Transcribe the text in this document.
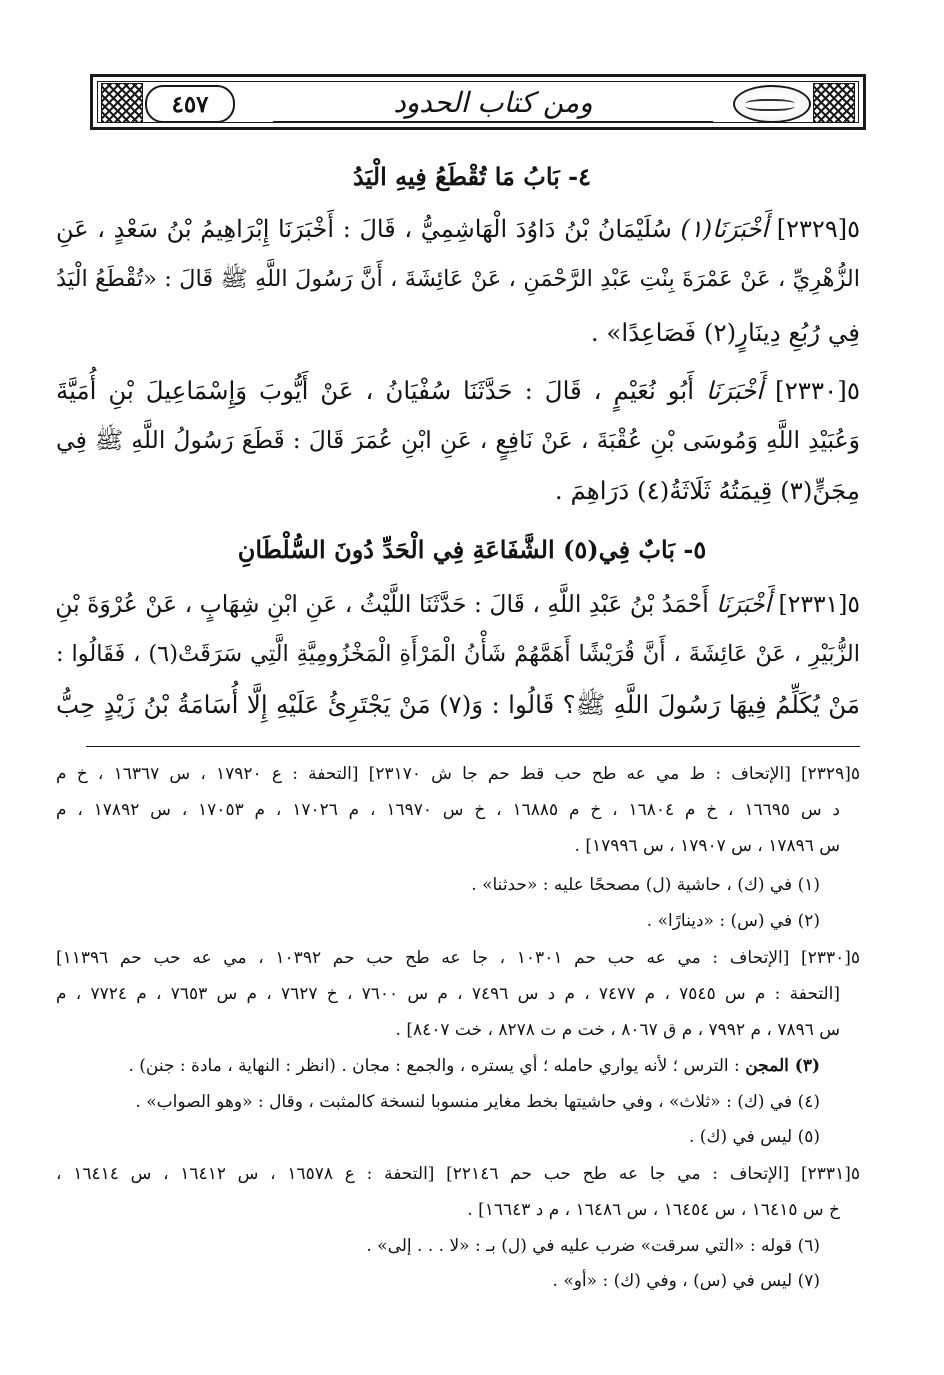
٤٥٧	ومن كتاب الحدود
٤- بَابُ مَا تُقْطَعُ فِيهِ الْيَدُ
٥[٢٣٢٩] أَخْبَرَنَا(١) سُلَيْمَانُ بْنُ دَاوُدَ الْهَاشِمِيُّ ، قَالَ : أَخْبَرَنَا إِبْرَاهِيمُ بْنُ سَعْدٍ ، عَنِ
الزُّهْرِيِّ ، عَنْ عَمْرَةَ بِنْتِ عَبْدِ الرَّحْمَنِ ، عَنْ عَائِشَةَ ، أَنَّ رَسُولَ اللَّهِ ﷺ قَالَ : «تُقْطَعُ الْيَدُ
فِي رُبُعِ دِينَارٍ(٢) فَصَاعِدًا» .
٥[٢٣٣٠] أَخْبَرَنَا أَبُو نُعَيْمٍ ، قَالَ : حَدَّثَنَا سُفْيَانُ ، عَنْ أَيُّوبَ وَإِسْمَاعِيلَ بْنِ أُمَيَّةَ
وَعُبَيْدِ اللَّهِ وَمُوسَى بْنِ عُقْبَةَ ، عَنْ نَافِعٍ ، عَنِ ابْنِ عُمَرَ قَالَ : قَطَعَ رَسُولُ اللَّهِ ﷺ فِي
مِجَنٍّ(٣) قِيمَتُهُ ثَلَاثَةُ(٤) دَرَاهِمَ .
٥- بَابٌ فِي(٥) الشَّفَاعَةِ فِي الْحَدِّ دُونَ السُّلْطَانِ
٥[٢٣٣١] أَخْبَرَنَا أَحْمَدُ بْنُ عَبْدِ اللَّهِ ، قَالَ : حَدَّثَنَا اللَّيْثُ ، عَنِ ابْنِ شِهَابٍ ، عَنْ عُرْوَةَ بْنِ
الزُّبَيْرِ ، عَنْ عَائِشَةَ ، أَنَّ قُرَيْشًا أَهَمَّهُمْ شَأْنُ الْمَرْأَةِ الْمَخْزُومِيَّةِ الَّتِي سَرَقَتْ(٦) ، فَقَالُوا :
مَنْ يُكَلِّمُ فِيهَا رَسُولَ اللَّهِ ﷺ؟ قَالُوا : وَ(٧) مَنْ يَجْتَرِئُ عَلَيْهِ إِلَّا أُسَامَةُ بْنُ زَيْدٍ حِبُّ
٥[٢٣٢٩] [الإتحاف : ط مي عه طح حب قط حم جا ش ٢٣١٧٠] [التحفة : ع ١٧٩٢٠ ، س ١٦٣٦٧ ، خ م
د س ١٦٦٩٥ ، خ م ١٦٨٠٤ ، خ م ١٦٨٨٥ ، خ س ١٦٩٧٠ ، م ١٧٠٢٦ ، م ١٧٠٥٣ ، س ١٧٨٩٢ ، م
س ١٧٨٩٦ ، س ١٧٩٠٧ ، س ١٧٩٩٦] .
(١) في (ك) ، حاشية (ل) مصححًا عليه : «حدثنا» .
(٢) في (س) : «دينارًا» .
٥[٢٣٣٠] [الإتحاف : مي عه حب حم ١٠٣٠١ ، جا عه طح حب حم ١٠٣٩٢ ، مي عه حب حم ١١٣٩٦]
[التحفة : م س ٧٥٤٥ ، م ٧٤٧٧ ، م د س ٧٤٩٦ ، م س ٧٦٠٠ ، خ ٧٦٢٧ ، م س ٧٦٥٣ ، م ٧٧٢٤ ، م
س ٧٨٩٦ ، م ٧٩٩٢ ، م ق ٨٠٦٧ ، خت م ت ٨٢٧٨ ، خت ٨٤٠٧] .
(٣) المجن : الترس ؛ لأنه يواري حامله ؛ أي يستره ، والجمع : مجان . (انظر : النهاية ، مادة : جنن) .
(٤) في (ك) : «ثلاث» ، وفي حاشيتها بخط مغاير منسوبا لنسخة كالمثبت ، وقال : «وهو الصواب» .
(٥) ليس في (ك) .
٥[٢٣٣١] [الإتحاف : مي جا عه طح حب حم ٢٢١٤٦] [التحفة : ع ١٦٥٧٨ ، س ١٦٤١٢ ، س ١٦٤١٤ ،
خ س ١٦٤١٥ ، س ١٦٤٥٤ ، س ١٦٤٨٦ ، م د ١٦٦٤٣] .
(٦) قوله : «التي سرقت» ضرب عليه في (ل) بـ : «لا . . . إلى» .
(٧) ليس في (س) ، وفي (ك) : «أو» .
